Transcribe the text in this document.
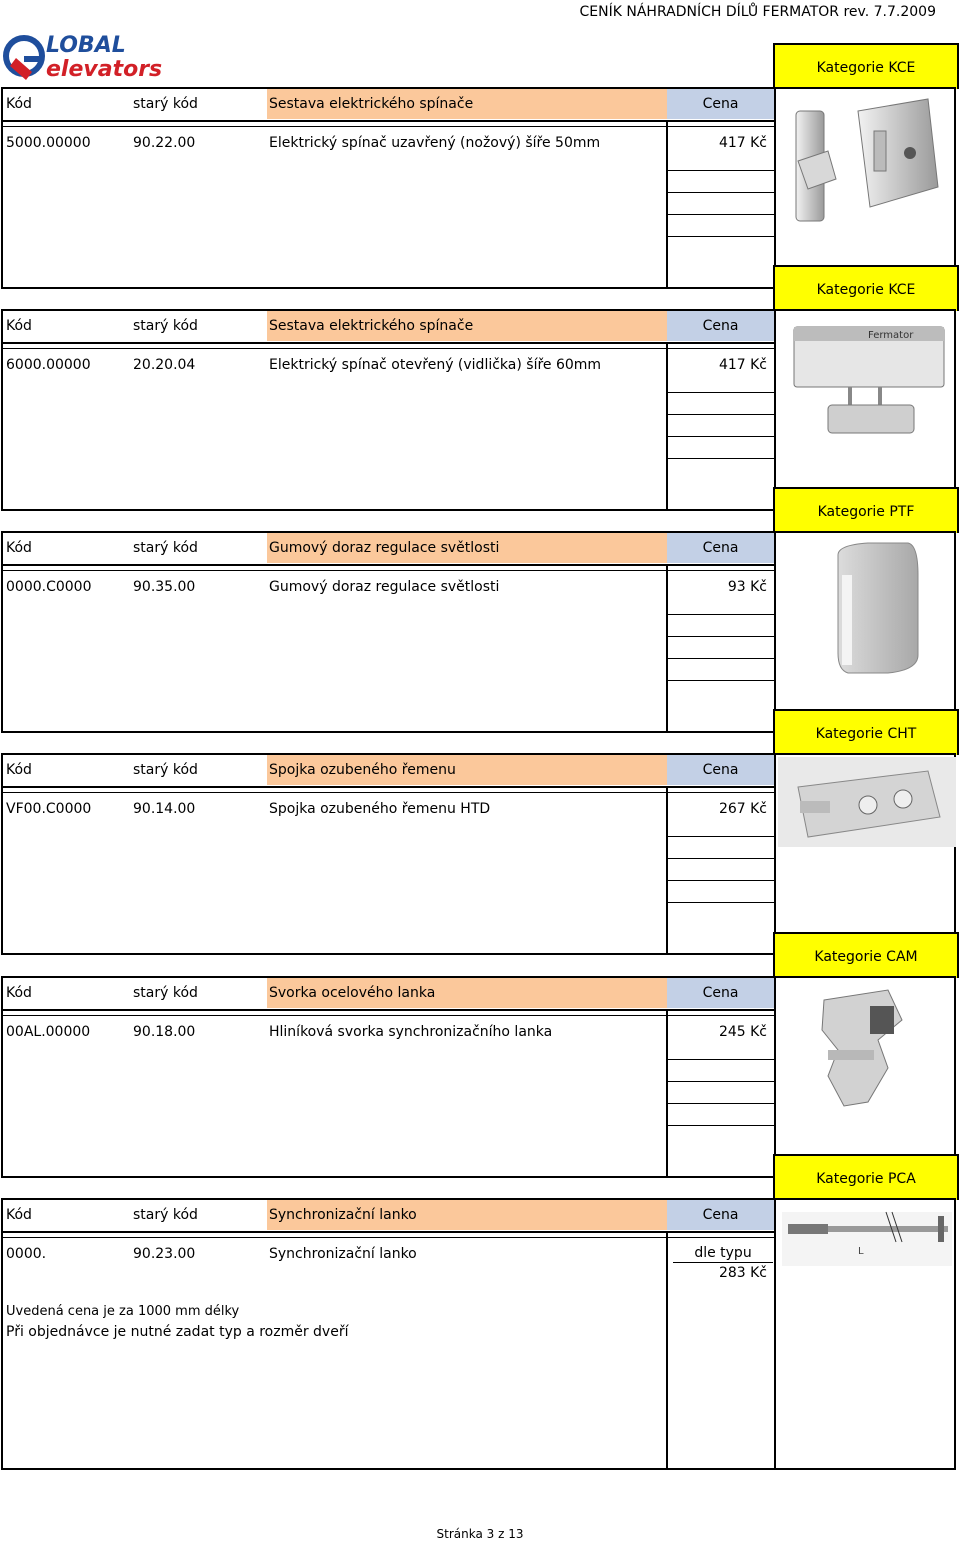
CENÍK NÁHRADNÍCH DÍLŮ FERMATOR rev. 7.7.2009
LOBAL
elevators	Kategorie KCE
Kód	starý kód	Sestava elektrického spínače	Cena
5000.00000	90.22.00	Elektrický spínač uzavřený (nožový) šíře 50mm	417 Kč
Kategorie KCE
Kód	starý kód	Sestava elektrického spínače	Cena
6000.00000	20.20.04	Elektrický spínač otevřený (vidlička) šíře 60mm	417 Kč
Fermator
Kategorie PTF
Kód	starý kód	Gumový doraz regulace světlosti	Cena
0000.C0000	90.35.00	Gumový doraz regulace světlosti	93 Kč
Kategorie CHT
Kód	starý kód	Spojka ozubeného řemenu	Cena
VF00.C0000	90.14.00	Spojka ozubeného řemenu HTD	267 Kč
Kategorie CAM
Kód	starý kód	Svorka ocelového lanka	Cena
00AL.00000	90.18.00	Hliníková svorka synchronizačního lanka	245 Kč
Kategorie PCA
Kód	starý kód	Synchronizační lanko	Cena
0000.	90.23.00	Synchronizační lanko	dle typu
283 Kč
Uvedená cena je za 1000 mm délky
Při objednávce je nutné zadat typ a rozměr dveří
L
Stránka 3 z 13
